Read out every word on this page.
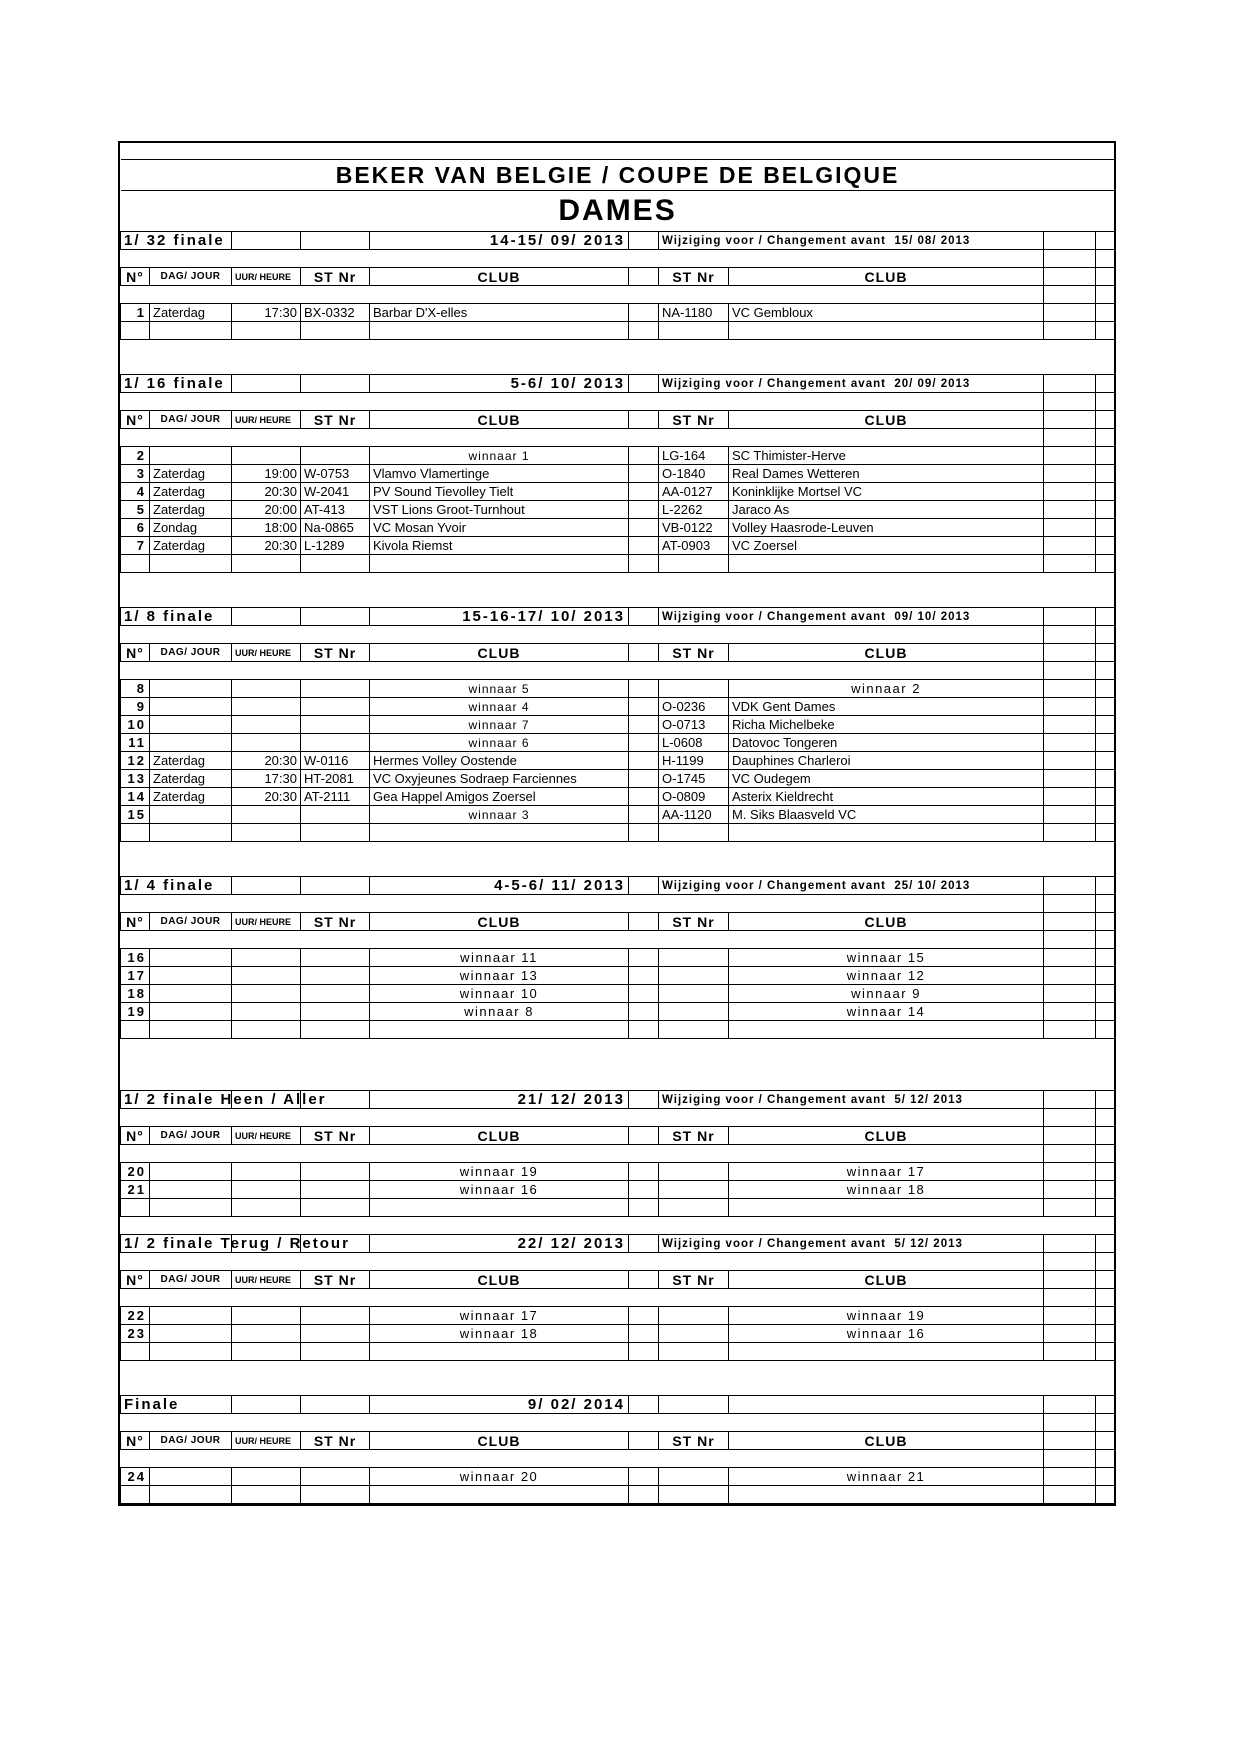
BEKER VAN BELGIE / COUPE DE BELGIQUE									
DAMES									
1/ 32 finale				14-15/ 09/ 2013		Wijziging voor / Changement avant 15/ 08/ 2013			

N°	DAG/ JOUR	UUR/ HEURE	ST Nr	CLUB		ST Nr	CLUB		

1	Zaterdag	17:30	BX-0332	Barbar D'X-elles		NA-1180	VC Gembloux		

1/ 16 finale				5-6/ 10/ 2013		Wijziging voor / Changement avant 20/ 09/ 2013			

N°	DAG/ JOUR	UUR/ HEURE	ST Nr	CLUB		ST Nr	CLUB		

2				winnaar 1		LG-164	SC Thimister-Herve		
3	Zaterdag	19:00	W-0753	Vlamvo Vlamertinge		O-1840	Real Dames Wetteren		
4	Zaterdag	20:30	W-2041	PV Sound Tievolley Tielt		AA-0127	Koninklijke Mortsel VC		
5	Zaterdag	20:00	AT-413	VST Lions Groot-Turnhout		L-2262	Jaraco As		
6	Zondag	18:00	Na-0865	VC Mosan Yvoir		VB-0122	Volley Haasrode-Leuven		
7	Zaterdag	20:30	L-1289	Kivola Riemst		AT-0903	VC Zoersel		

1/ 8 finale				15-16-17/ 10/ 2013		Wijziging voor / Changement avant 09/ 10/ 2013			

N°	DAG/ JOUR	UUR/ HEURE	ST Nr	CLUB		ST Nr	CLUB		

8				winnaar 5			winnaar 2		
9				winnaar 4		O-0236	VDK Gent Dames		
10				winnaar 7		O-0713	Richa Michelbeke		
11				winnaar 6		L-0608	Datovoc Tongeren		
12	Zaterdag	20:30	W-0116	Hermes Volley Oostende		H-1199	Dauphines Charleroi		
13	Zaterdag	17:30	HT-2081	VC Oxyjeunes Sodraep Farciennes		O-1745	VC Oudegem		
14	Zaterdag	20:30	AT-2111	Gea Happel Amigos Zoersel		O-0809	Asterix Kieldrecht		
15				winnaar 3		AA-1120	M. Siks Blaasveld VC		

1/ 4 finale				4-5-6/ 11/ 2013		Wijziging voor / Changement avant 25/ 10/ 2013			

N°	DAG/ JOUR	UUR/ HEURE	ST Nr	CLUB		ST Nr	CLUB		

16				winnaar 11			winnaar 15		
17				winnaar 13			winnaar 12		
18				winnaar 10			winnaar 9		
19				winnaar 8			winnaar 14		

1/ 2 finale Heen / Aller				21/ 12/ 2013		Wijziging voor / Changement avant 5/ 12/ 2013			

N°	DAG/ JOUR	UUR/ HEURE	ST Nr	CLUB		ST Nr	CLUB		

20				winnaar 19			winnaar 17		
21				winnaar 16			winnaar 18		

1/ 2 finale Terug / Retour				22/ 12/ 2013		Wijziging voor / Changement avant 5/ 12/ 2013			

N°	DAG/ JOUR	UUR/ HEURE	ST Nr	CLUB		ST Nr	CLUB		

22				winnaar 17			winnaar 19		
23				winnaar 18			winnaar 16		

Finale				9/ 02/ 2014					

N°	DAG/ JOUR	UUR/ HEURE	ST Nr	CLUB		ST Nr	CLUB		

24				winnaar 20			winnaar 21		
